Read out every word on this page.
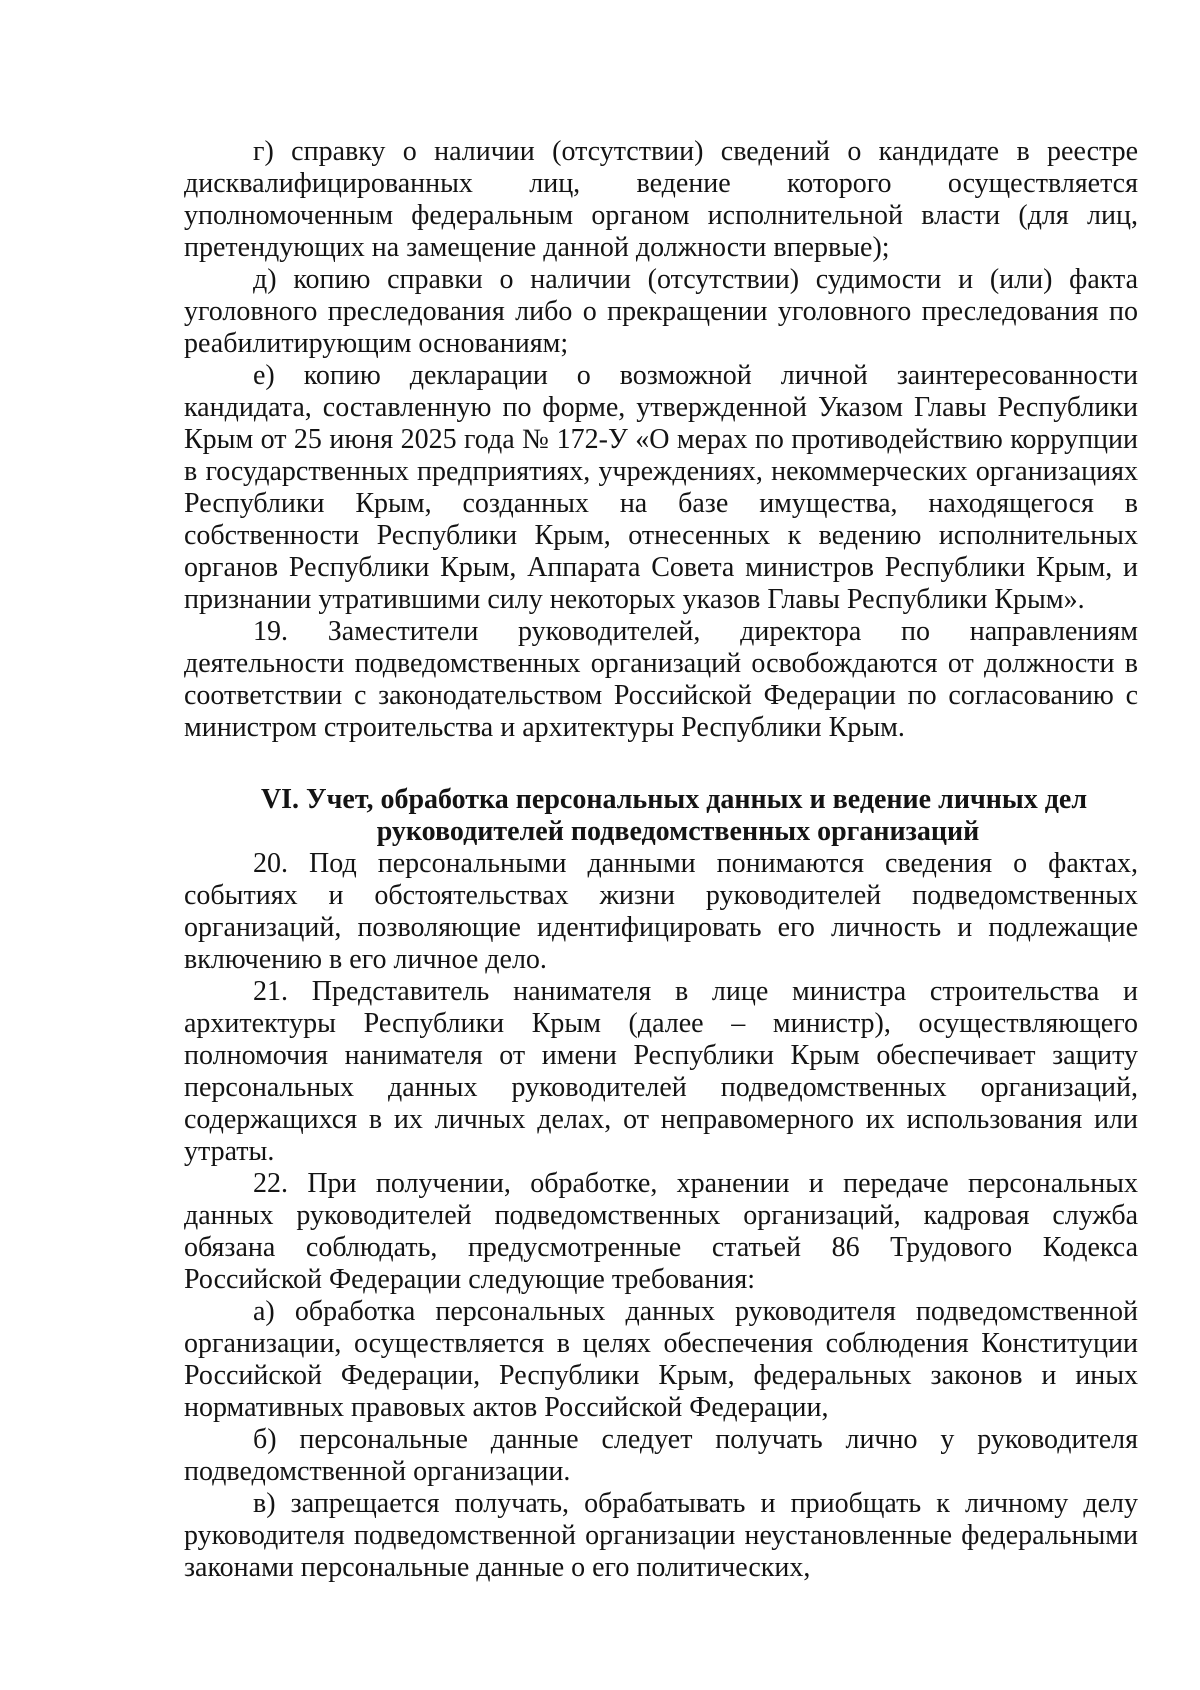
г) справку о наличии (отсутствии) сведений о кандидате в реестре дисквалифицированных лиц, ведение которого осуществляется уполномоченным федеральным органом исполнительной власти (для лиц, претендующих на замещение данной должности впервые);

д) копию справки о наличии (отсутствии) судимости и (или) факта уголовного преследования либо о прекращении уголовного преследования по реабилитирующим основаниям;

е) копию декларации о возможной личной заинтересованности кандидата, составленную по форме, утвержденной Указом Главы Республики Крым от 25 июня 2025 года № 172-У «О мерах по противодействию коррупции в государственных предприятиях, учреждениях, некоммерческих организациях Республики Крым, созданных на базе имущества, находящегося в собственности Республики Крым, отнесенных к ведению исполнительных органов Республики Крым, Аппарата Совета министров Республики Крым, и признании утратившими силу некоторых указов Главы Республики Крым».

19. Заместители руководителей, директора по направлениям деятельности подведомственных организаций освобождаются от должности в соответствии с законодательством Российской Федерации по согласованию с министром строительства и архитектуры Республики Крым.

VI. Учет, обработка персональных данных и ведение личных дел
руководителей подведомственных организаций

20. Под персональными данными понимаются сведения о фактах, событиях и обстоятельствах жизни руководителей подведомственных организаций, позволяющие идентифицировать его личность и подлежащие включению в его личное дело.

21. Представитель нанимателя в лице министра строительства и архитектуры Республики Крым (далее – министр), осуществляющего полномочия нанимателя от имени Республики Крым обеспечивает защиту персональных данных руководителей подведомственных организаций, содержащихся в их личных делах, от неправомерного их использования или утраты.

22. При получении, обработке, хранении и передаче персональных данных руководителей подведомственных организаций, кадровая служба обязана соблюдать, предусмотренные статьей 86 Трудового Кодекса Российской Федерации следующие требования:

а) обработка персональных данных руководителя подведомственной организации, осуществляется в целях обеспечения соблюдения Конституции Российской Федерации, Республики Крым, федеральных законов и иных нормативных правовых актов Российской Федерации,

б) персональные данные следует получать лично у руководителя подведомственной организации.

в) запрещается получать, обрабатывать и приобщать к личному делу руководителя подведомственной организации неустановленные федеральными законами персональные данные о его политических,
